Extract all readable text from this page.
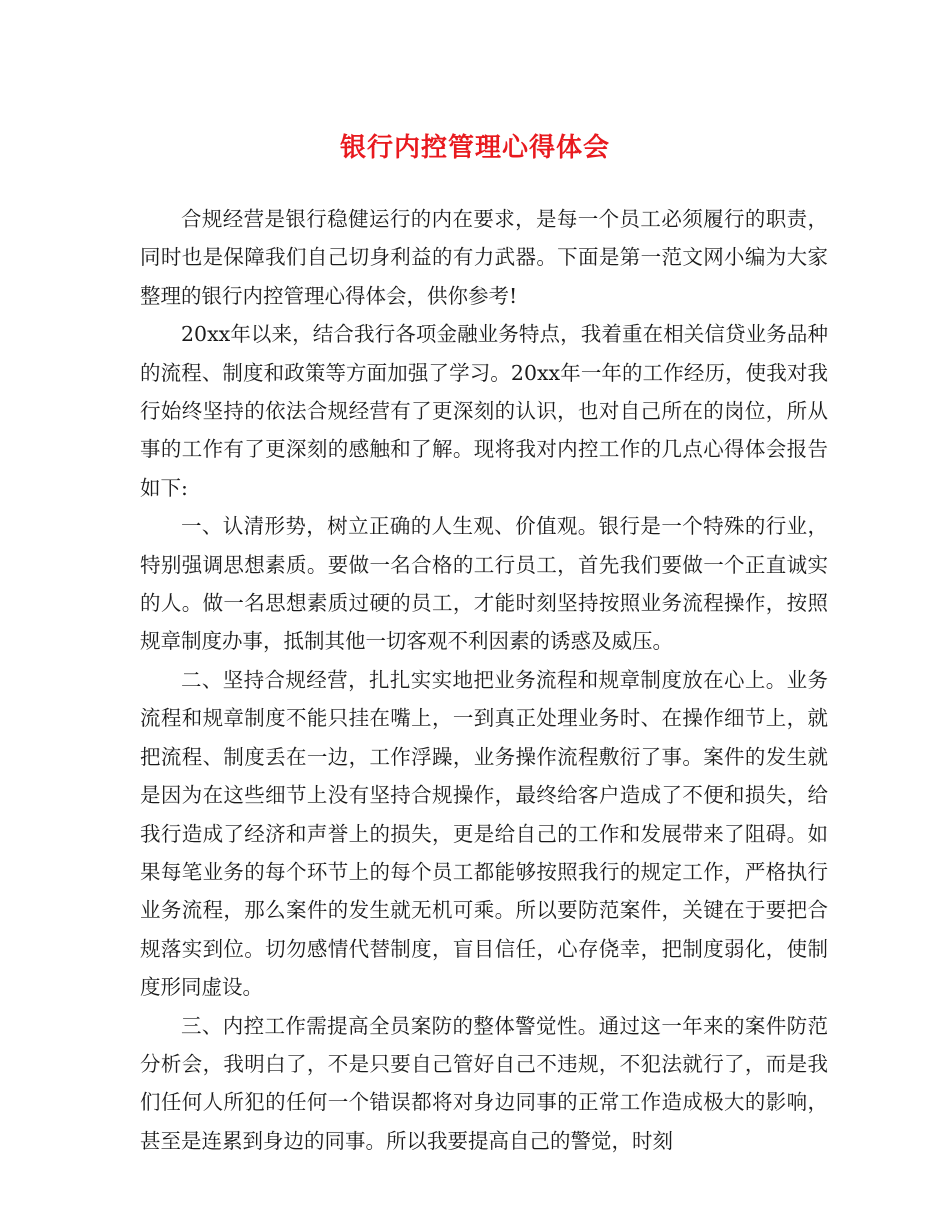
银行内控管理心得体会

合规经营是银行稳健运行的内在要求，是每一个员工必须履行的职责，同时也是保障我们自己切身利益的有力武器。下面是第一范文网小编为大家整理的银行内控管理心得体会，供你参考!

20xx年以来，结合我行各项金融业务特点，我着重在相关信贷业务品种的流程、制度和政策等方面加强了学习。20xx年一年的工作经历，使我对我行始终坚持的依法合规经营有了更深刻的认识，也对自己所在的岗位，所从事的工作有了更深刻的感触和了解。现将我对内控工作的几点心得体会报告如下:

一、认清形势，树立正确的人生观、价值观。银行是一个特殊的行业，特别强调思想素质。要做一名合格的工行员工，首先我们要做一个正直诚实的人。做一名思想素质过硬的员工，才能时刻坚持按照业务流程操作，按照规章制度办事，抵制其他一切客观不利因素的诱惑及威压。

二、坚持合规经营，扎扎实实地把业务流程和规章制度放在心上。业务流程和规章制度不能只挂在嘴上，一到真正处理业务时、在操作细节上，就把流程、制度丢在一边，工作浮躁，业务操作流程敷衍了事。案件的发生就是因为在这些细节上没有坚持合规操作，最终给客户造成了不便和损失，给我行造成了经济和声誉上的损失，更是给自己的工作和发展带来了阻碍。如果每笔业务的每个环节上的每个员工都能够按照我行的规定工作，严格执行业务流程，那么案件的发生就无机可乘。所以要防范案件，关键在于要把合规落实到位。切勿感情代替制度，盲目信任，心存侥幸，把制度弱化，使制度形同虚设。

三、内控工作需提高全员案防的整体警觉性。通过这一年来的案件防范分析会，我明白了，不是只要自己管好自己不违规，不犯法就行了，而是我们任何人所犯的任何一个错误都将对身边同事的正常工作造成极大的影响，甚至是连累到身边的同事。所以我要提高自己的警觉，时刻
